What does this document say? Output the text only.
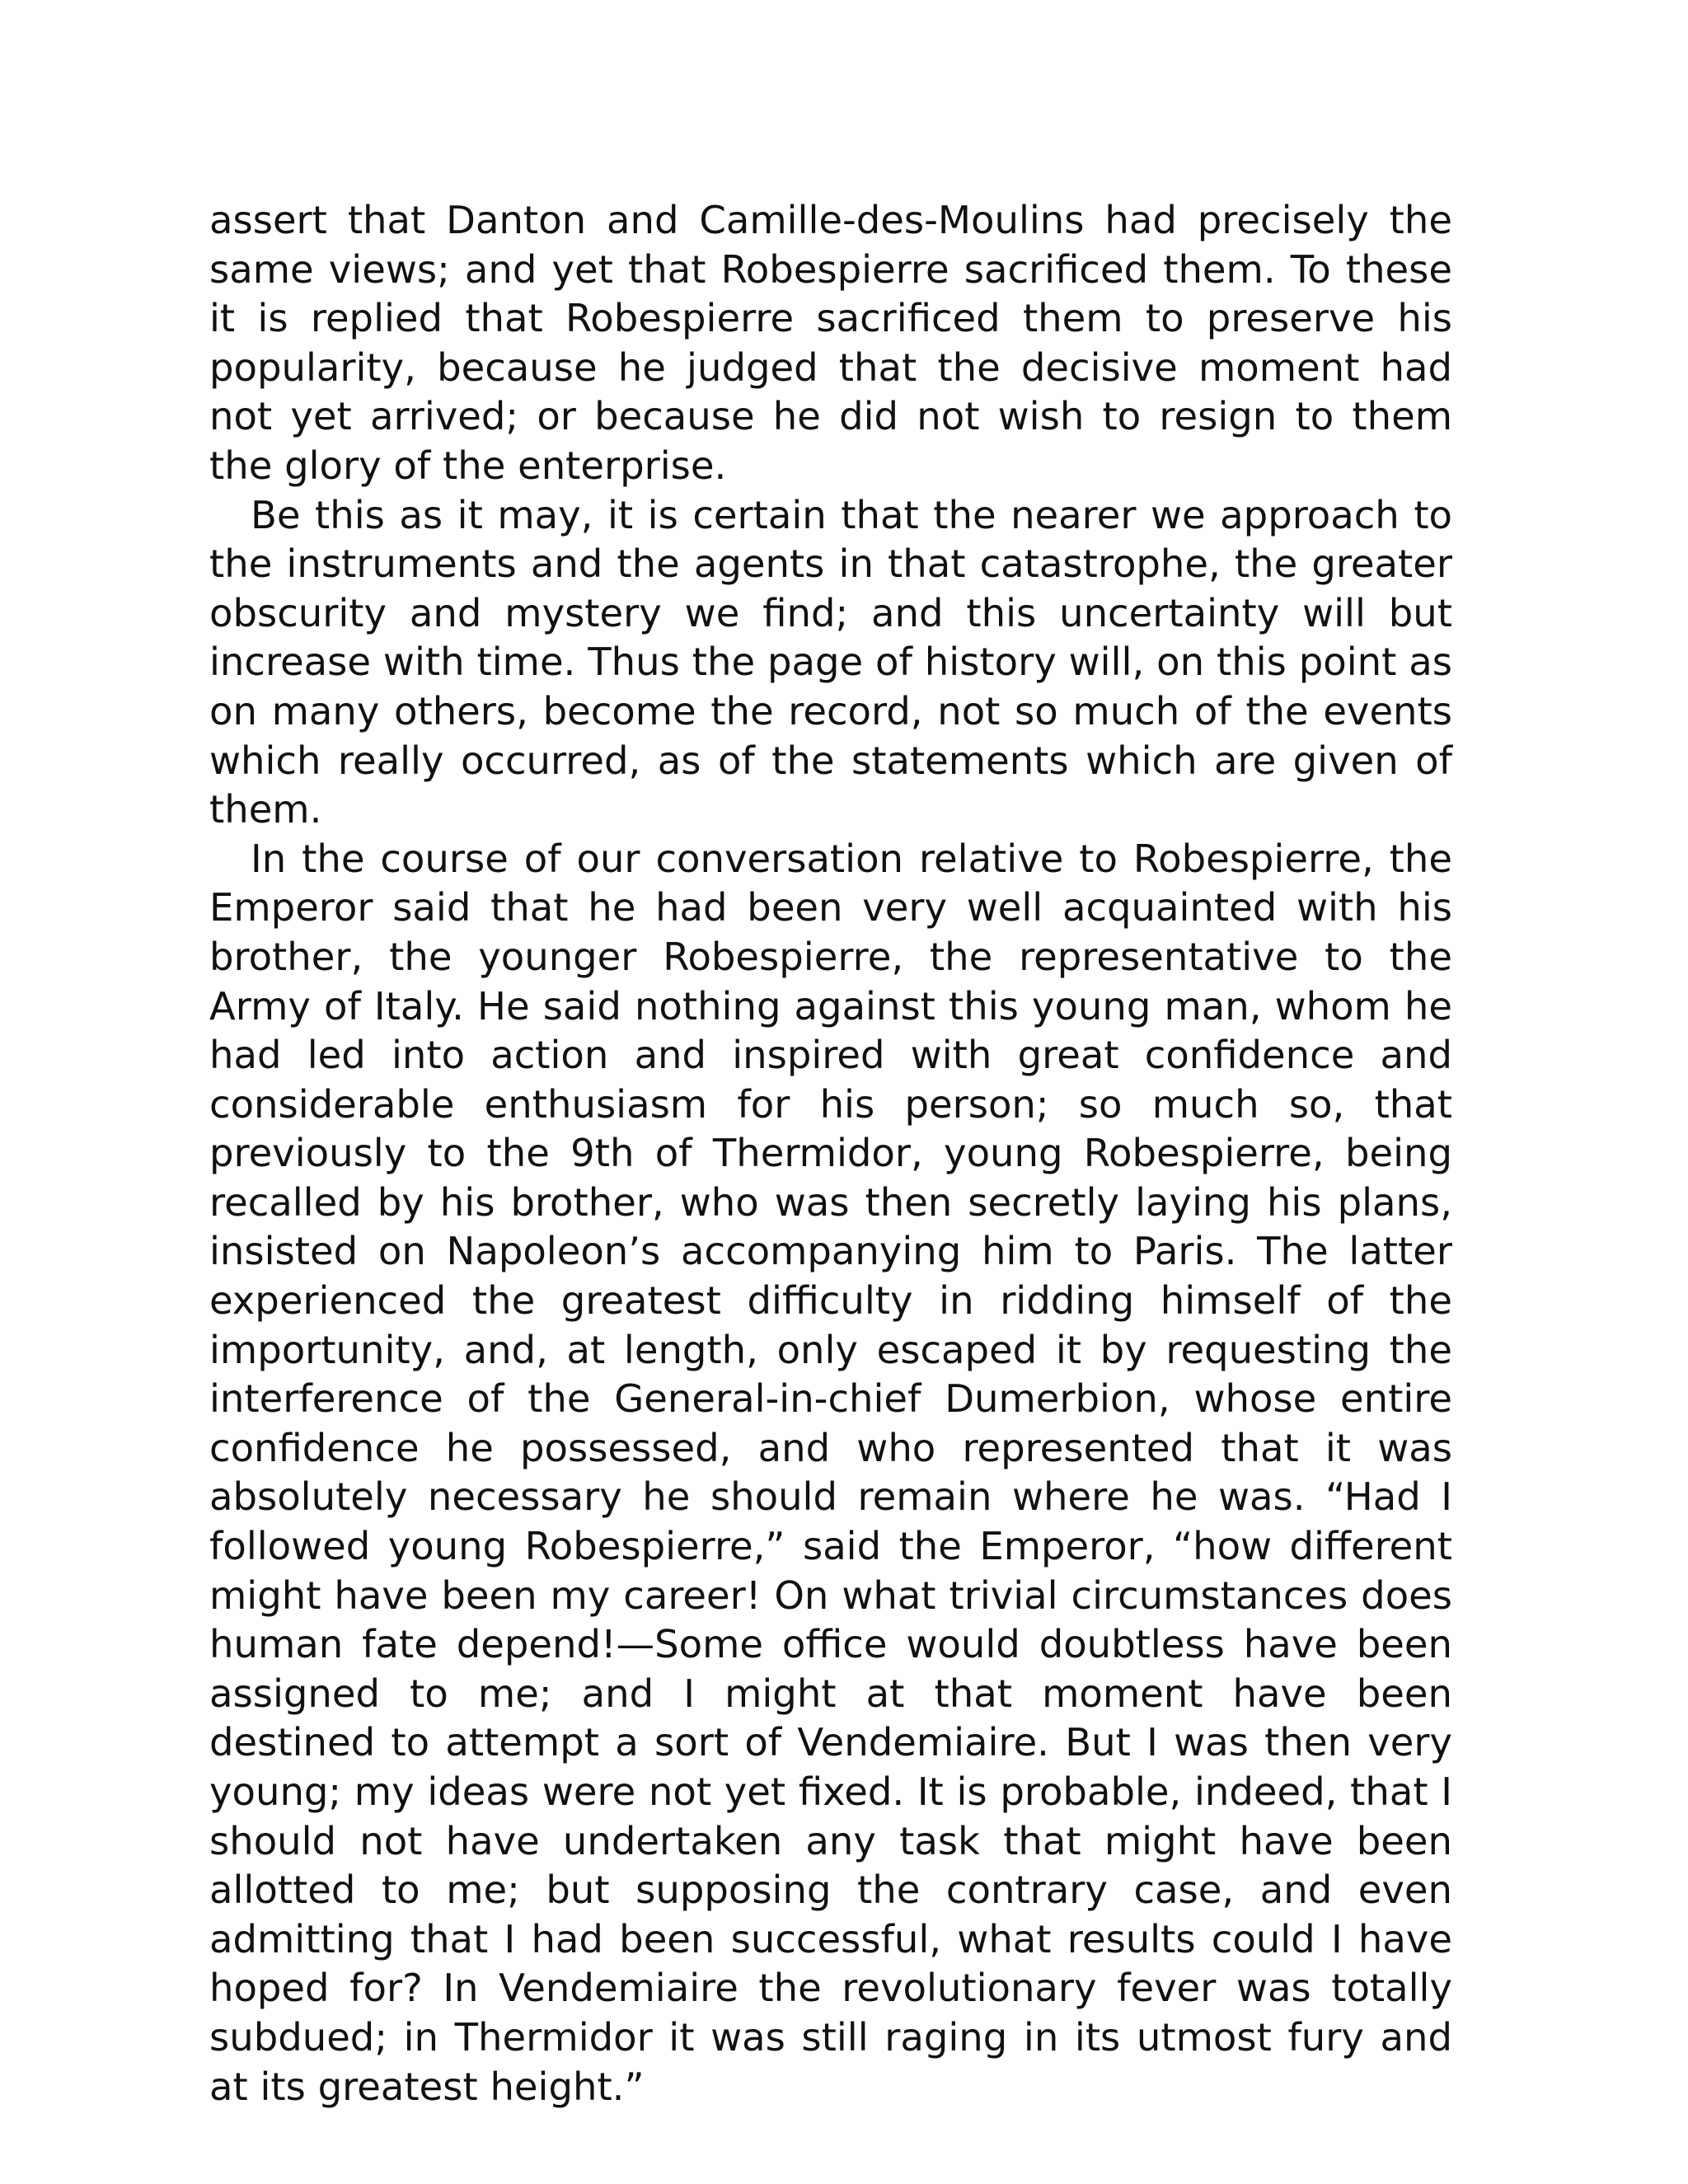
assert that Danton and Camille-des-Moulins had precisely the same views; and yet that Robespierre sacrificed them. To these it is replied that Robespierre sacrificed them to preserve his popularity, because he judged that the decisive moment had not yet arrived; or because he did not wish to resign to them the glory of the enterprise.

Be this as it may, it is certain that the nearer we approach to the instruments and the agents in that catastrophe, the greater obscurity and mystery we find; and this uncertainty will but increase with time. Thus the page of history will, on this point as on many others, become the record, not so much of the events which really occurred, as of the statements which are given of them.

In the course of our conversation relative to Robespierre, the Emperor said that he had been very well acquainted with his brother, the younger Robespierre, the representative to the Army of Italy. He said nothing against this young man, whom he had led into action and inspired with great confidence and considerable enthusiasm for his person; so much so, that previously to the 9th of Thermidor, young Robespierre, being recalled by his brother, who was then secretly laying his plans, insisted on Napoleon’s accompanying him to Paris. The latter experienced the greatest difficulty in ridding himself of the importunity, and, at length, only escaped it by requesting the interference of the General-in-chief Dumerbion, whose entire confidence he possessed, and who represented that it was absolutely necessary he should remain where he was. “Had I followed young Robespierre,” said the Emperor, “how different might have been my career! On what trivial circumstances does human fate depend!—Some office would doubtless have been assigned to me; and I might at that moment have been destined to attempt a sort of Vendemiaire. But I was then very young; my ideas were not yet fixed. It is probable, indeed, that I should not have undertaken any task that might have been allotted to me; but supposing the contrary case, and even admitting that I had been successful, what results could I have hoped for? In Vendemiaire the revolutionary fever was totally subdued; in Thermidor it was still raging in its utmost fury and at its greatest height.”
